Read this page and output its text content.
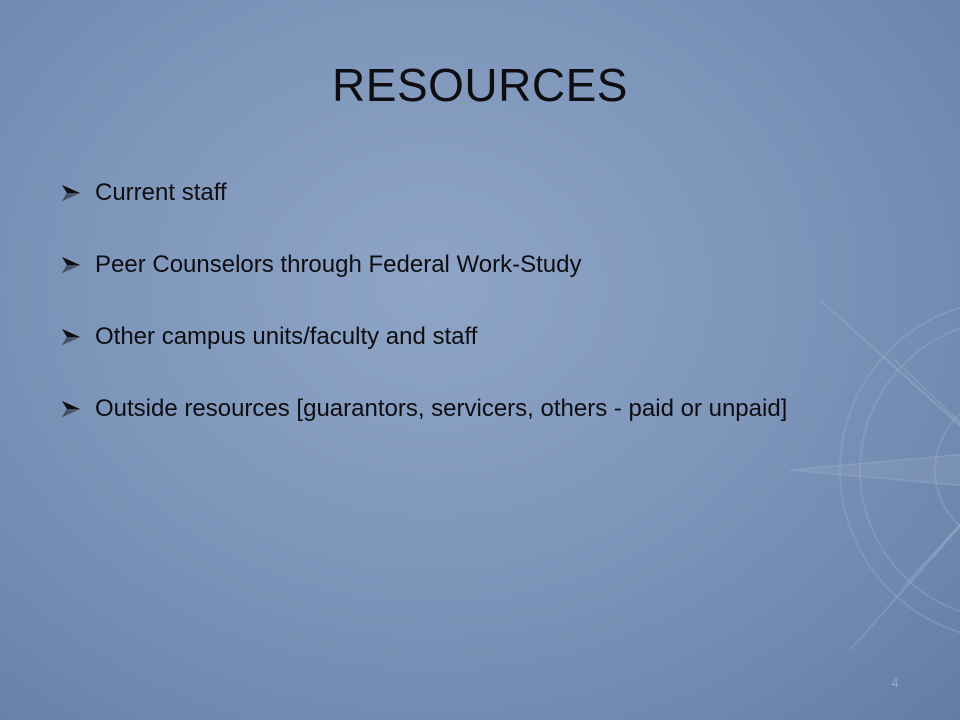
RESOURCES
Current staff
Peer Counselors through Federal Work-Study
Other campus units/faculty and staff
Outside resources [guarantors, servicers, others - paid or unpaid]
4
